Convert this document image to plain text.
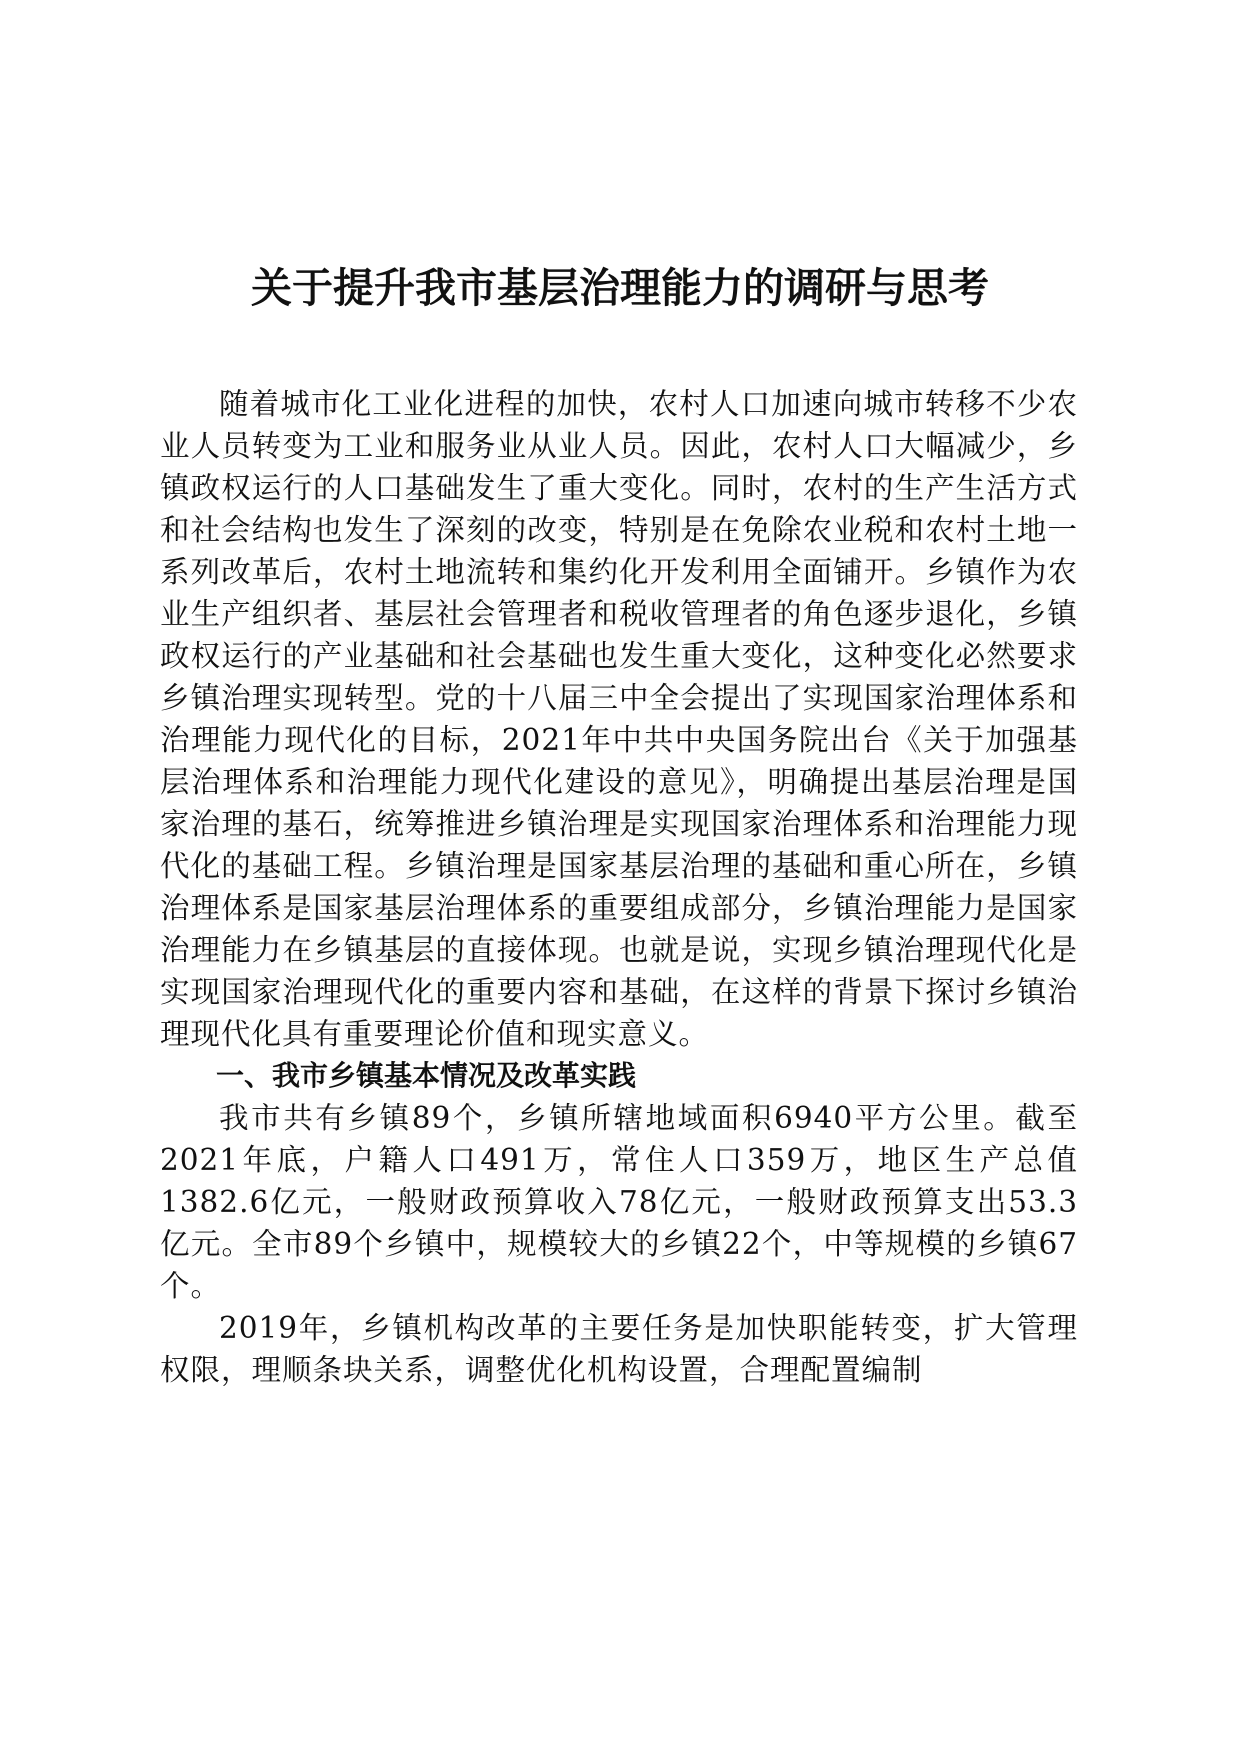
关于提升我市基层治理能力的调研与思考

随着城市化工业化进程的加快，农村人口加速向城市转移不少农业人员转变为工业和服务业从业人员。因此，农村人口大幅减少，乡镇政权运行的人口基础发生了重大变化。同时，农村的生产生活方式和社会结构也发生了深刻的改变，特别是在免除农业税和农村土地一系列改革后，农村土地流转和集约化开发利用全面铺开。乡镇作为农业生产组织者、基层社会管理者和税收管理者的角色逐步退化，乡镇政权运行的产业基础和社会基础也发生重大变化，这种变化必然要求乡镇治理实现转型。党的十八届三中全会提出了实现国家治理体系和治理能力现代化的目标，2021年中共中央国务院出台《关于加强基层治理体系和治理能力现代化建设的意见》，明确提出基层治理是国家治理的基石，统筹推进乡镇治理是实现国家治理体系和治理能力现代化的基础工程。乡镇治理是国家基层治理的基础和重心所在，乡镇治理体系是国家基层治理体系的重要组成部分，乡镇治理能力是国家治理能力在乡镇基层的直接体现。也就是说，实现乡镇治理现代化是实现国家治理现代化的重要内容和基础，在这样的背景下探讨乡镇治理现代化具有重要理论价值和现实意义。

一、我市乡镇基本情况及改革实践

我市共有乡镇89个，乡镇所辖地域面积6940平方公里。截至2021年底，户籍人口491万，常住人口359万，地区生产总值1382.6亿元，一般财政预算收入78亿元，一般财政预算支出53.3亿元。全市89个乡镇中，规模较大的乡镇22个，中等规模的乡镇67个。

2019年，乡镇机构改革的主要任务是加快职能转变，扩大管理权限，理顺条块关系，调整优化机构设置，合理配置编制
